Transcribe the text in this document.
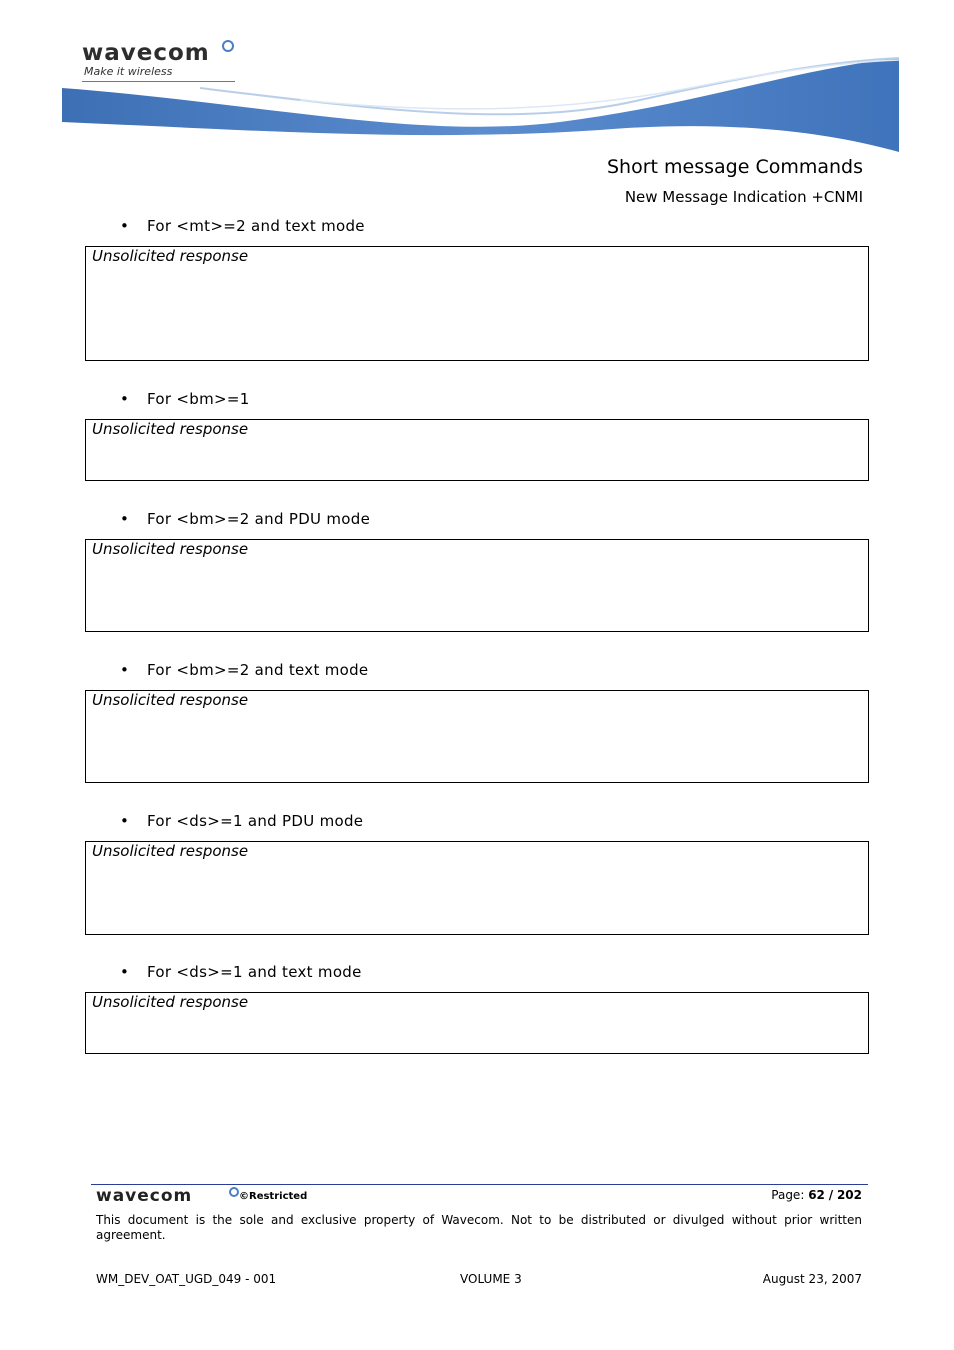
wavecom
Make it wireless
Short message Commands
New Message Indication +CNMI
• For <mt>=2 and text mode
Unsolicited response
• For <bm>=1
Unsolicited response
• For <bm>=2 and PDU mode
Unsolicited response
• For <bm>=2 and text mode
Unsolicited response
• For <ds>=1 and PDU mode
Unsolicited response
• For <ds>=1 and text mode
Unsolicited response
wavecom	©Restricted	Page: 62 / 202
This document is the sole and exclusive property of Wavecom. Not to be distributed or divulged without prior written agreement.
WM_DEV_OAT_UGD_049 - 001	VOLUME 3	August 23, 2007
